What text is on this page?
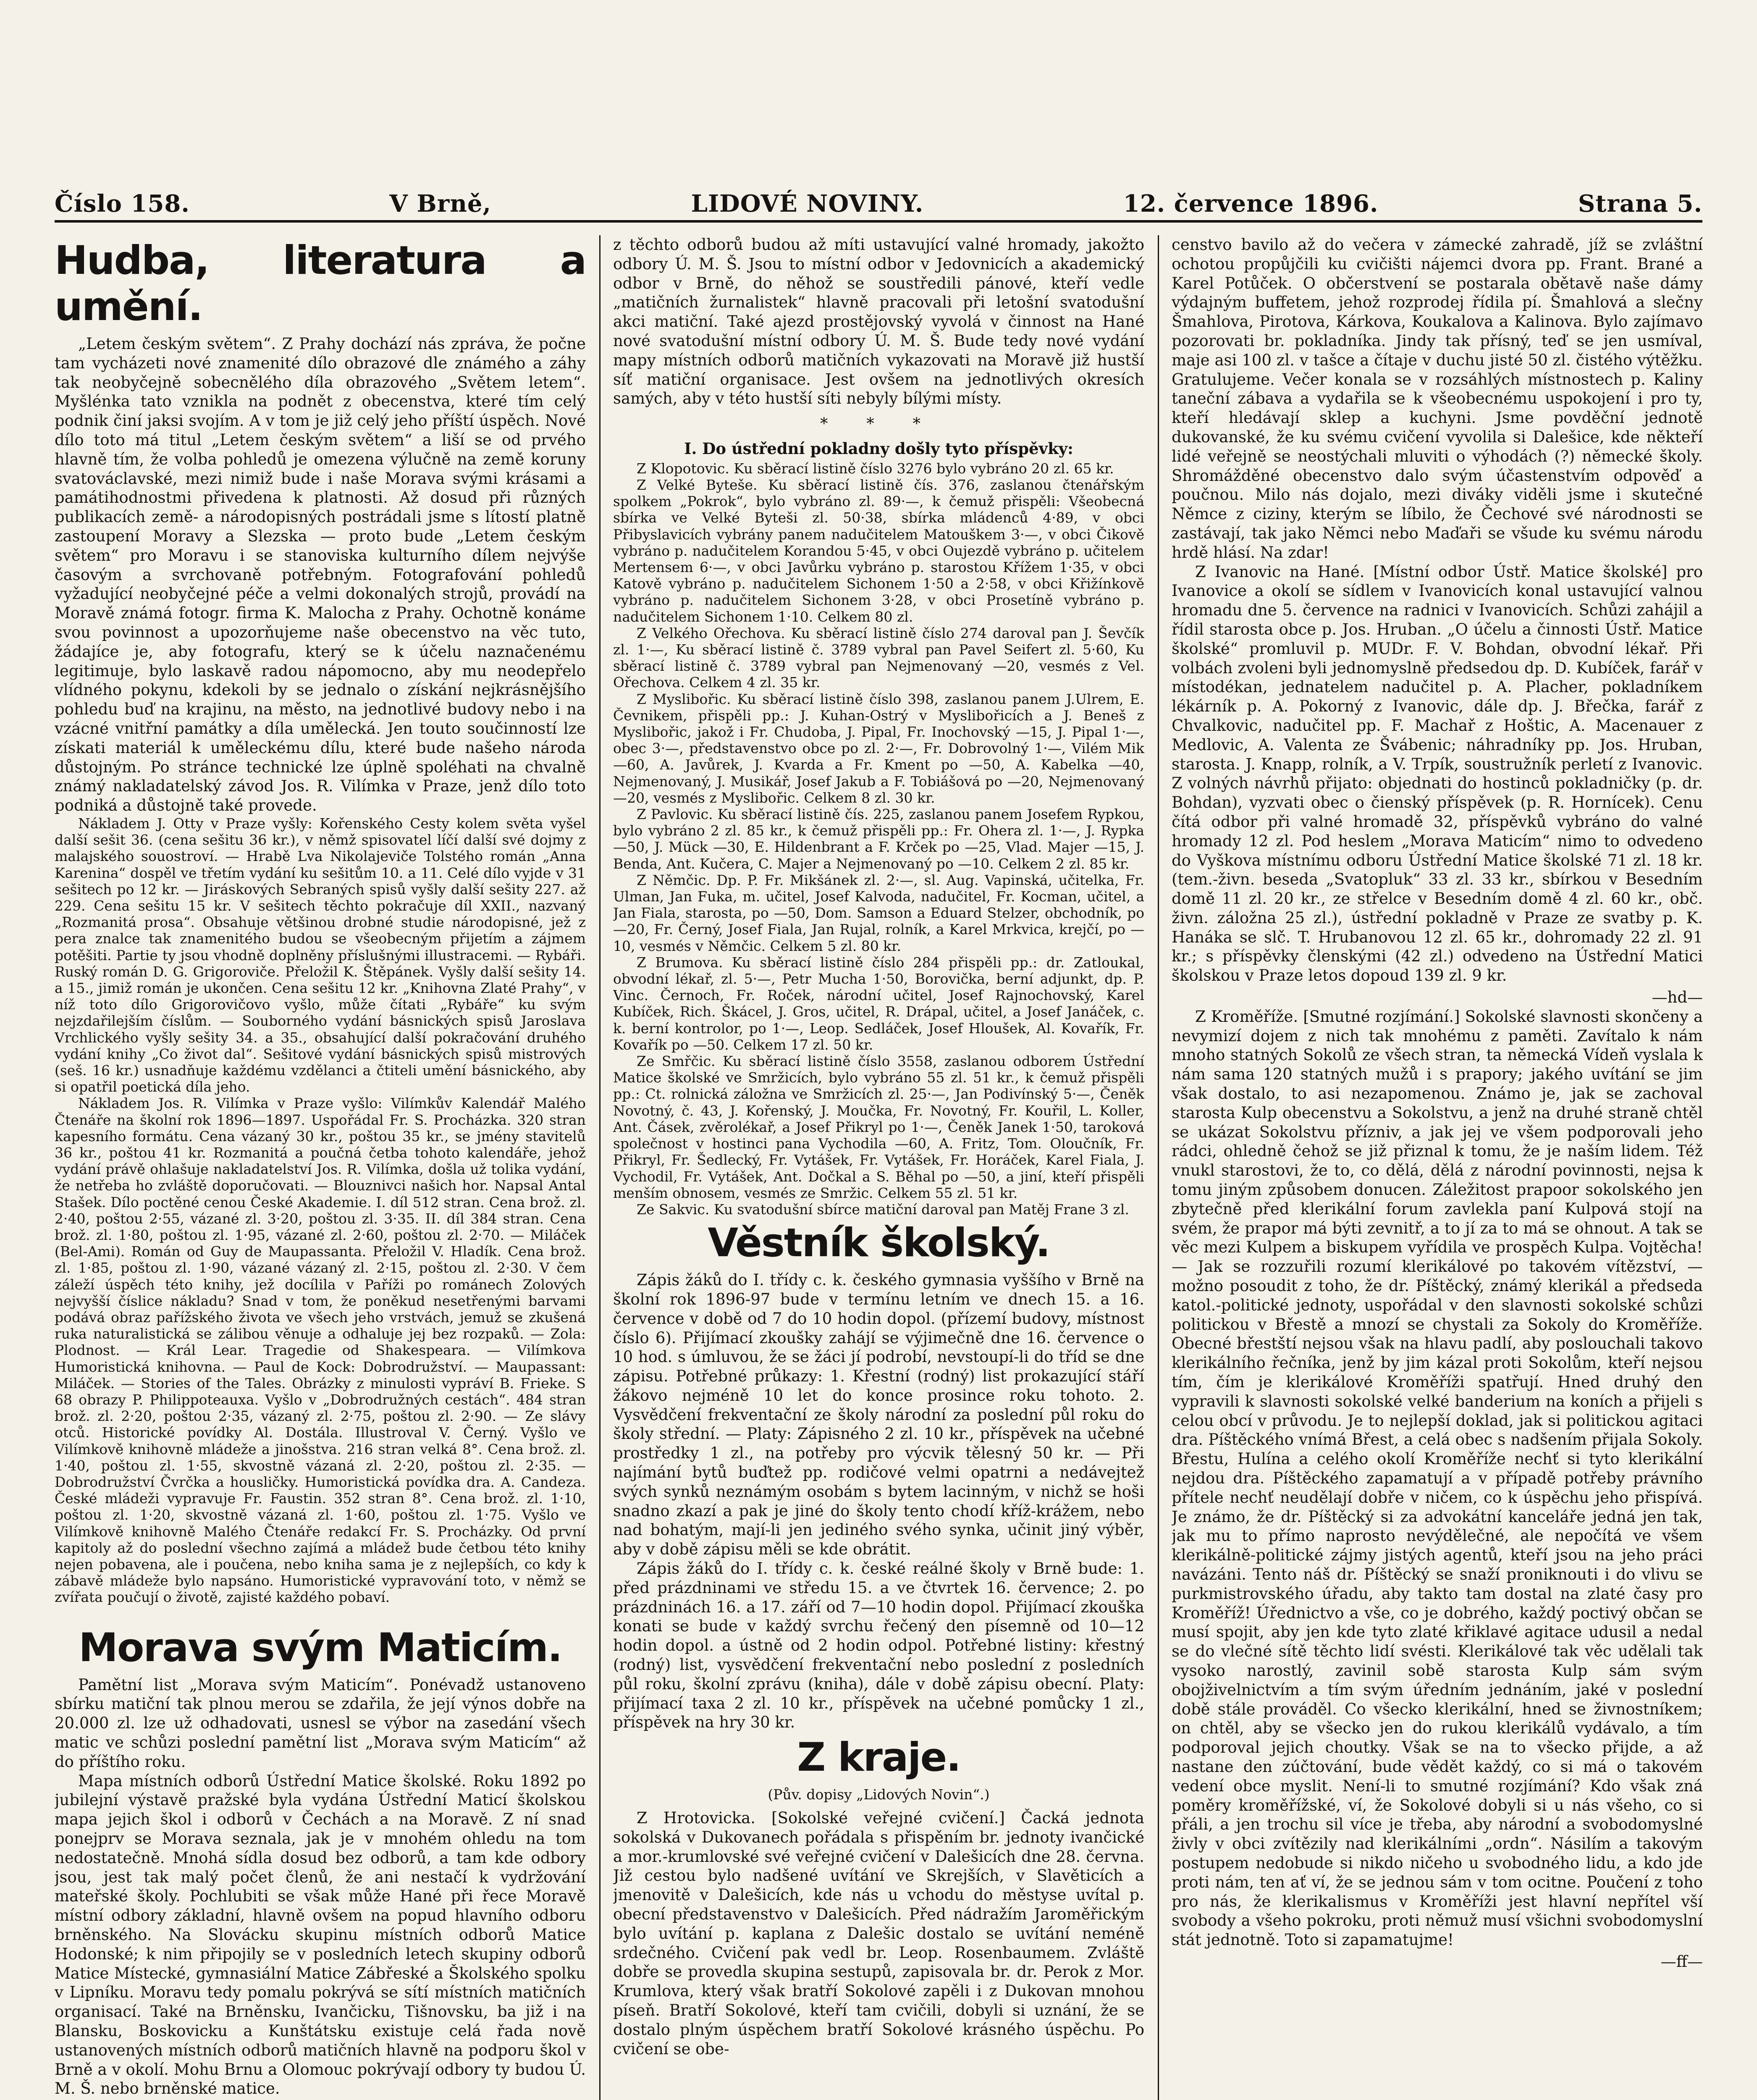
Číslo 158.	V Brně,	LIDOVÉ NOVINY.	12. července 1896.	Strana 5.
Hudba, literatura a umění.

„Letem českým světem“. Z Prahy dochází nás zpráva, že počne tam vycházeti nové znamenité dílo obrazové dle známého a záhy tak neobyčejně sobecnělého díla obrazového „Světem letem“. Myšlénka tato vznikla na podnět z obecenstva, které tím celý podnik činí jaksi svojím. A v tom je již celý jeho příští úspěch. Nové dílo toto má titul „Letem českým světem“ a liší se od prvého hlavně tím, že volba pohledů je omezena výlučně na země koruny svatováclavské, mezi nimiž bude i naše Morava svými krásami a památihodnostmi přivedena k platnosti. Až dosud při různých publikacích země- a národopisných postrádali jsme s lítostí platně zastoupení Moravy a Slezska — proto bude „Letem českým světem“ pro Moravu i se stanoviska kulturního dílem nejvýše časovým a svrchovaně potřebným. Fotografování pohledů vyžadující neobyčejné péče a velmi dokonalých strojů, provádí na Moravě známá fotogr. firma K. Malocha z Prahy. Ochotně konáme svou povinnost a upozorňujeme naše obecenstvo na věc tuto, žádajíce je, aby fotografu, který se k účelu naznačenému legitimuje, bylo laskavě radou nápomocno, aby mu neodepřelo vlídného pokynu, kdekoli by se jednalo o získání nejkrásnějšího pohledu buď na krajinu, na město, na jednotlivé budovy nebo i na vzácné vnitřní památky a díla umělecká. Jen touto součinností lze získati materiál k uměleckému dílu, které bude našeho národa důstojným. Po stránce technické lze úplně spoléhati na chvalně známý nakladatelský závod Jos. R. Vilímka v Praze, jenž dílo toto podniká a důstojně také provede.

Nákladem J. Otty v Praze vyšly: Kořenského Cesty kolem světa vyšel další sešit 36. (cena sešitu 36 kr.), v němž spisovatel líčí další své dojmy z malajského souostroví. — Hrabě Lva Nikolajeviče Tolstého román „Anna Karenina“ dospěl ve třetím vydání ku sešitům 10. a 11. Celé dílo vyjde v 31 sešitech po 12 kr. — Jiráskových Sebraných spisů vyšly další sešity 227. až 229. Cena sešitu 15 kr. V sešitech těchto pokračuje díl XXII., nazvaný „Rozmanitá prosa“. Obsahuje většinou drobné studie národopisné, jež z pera znalce tak znamenitého budou se všeobecným přijetím a zájmem potěšiti. Partie ty jsou vhodně doplněny příslušnými illustracemi. — Rybáři. Ruský román D. G. Grigoroviče. Přeložil K. Štěpánek. Vyšly další sešity 14. a 15., jimiž román je ukončen. Cena sešitu 12 kr. „Knihovna Zlaté Prahy“, v níž toto dílo Grigorovičovo vyšlo, může čítati „Rybáře“ ku svým nejzdařilejším číslům. — Souborného vydání básnických spisů Jaroslava Vrchlického vyšly sešity 34. a 35., obsahující další pokračování druhého vydání knihy „Co život dal“. Sešitové vydání básnických spisů mistrových (seš. 16 kr.) usnadňuje každému vzdělanci a čtiteli umění básnického, aby si opatřil poetická díla jeho.

Nákladem Jos. R. Vilímka v Praze vyšlo: Vilímkův Kalendář Malého Čtenáře na školní rok 1896—1897. Uspořádal Fr. S. Procházka. 320 stran kapesního formátu. Cena vázaný 30 kr., poštou 35 kr., se jmény stavitelů 36 kr., poštou 41 kr. Rozmanitá a poučná četba tohoto kalendáře, jehož vydání právě ohlašuje nakladatelství Jos. R. Vilímka, došla už tolika vydání, že netřeba ho zvláště doporučovati. — Blouznivci našich hor. Napsal Antal Stašek. Dílo poctěné cenou České Akademie. I. díl 512 stran. Cena brož. zl. 2·40, poštou 2·55, vázané zl. 3·20, poštou zl. 3·35. II. díl 384 stran. Cena brož. zl. 1·80, poštou zl. 1·95, vázané zl. 2·60, poštou zl. 2·70. — Miláček (Bel-Ami). Román od Guy de Maupassanta. Přeložil V. Hladík. Cena brož. zl. 1·85, poštou zl. 1·90, vázané vázaný zl. 2·15, poštou zl. 2·30. V čem záleží úspěch této knihy, jež docílila v Paříži po románech Zolových nejvyšší číslice nákladu? Snad v tom, že poněkud nesetřenými barvami podává obraz pařížského života ve všech jeho vrstvách, jemuž se zkušená ruka naturalistická se zálibou věnuje a odhaluje jej bez rozpaků. — Zola: Plodnost. — Král Lear. Tragedie od Shakespeara. — Vilímkova Humoristická knihovna. — Paul de Kock: Dobrodružství. — Maupassant: Miláček. — Stories of the Tales. Obrázky z minulosti vypráví B. Frieke. S 68 obrazy P. Philippoteauxa. Vyšlo v „Dobrodružných cestách“. 484 stran brož. zl. 2·20, poštou 2·35, vázaný zl. 2·75, poštou zl. 2·90. — Ze slávy otců. Historické povídky Al. Dostála. Illustroval V. Černý. Vyšlo ve Vilímkově knihovně mládeže a jinošstva. 216 stran velká 8°. Cena brož. zl. 1·40, poštou zl. 1·55, skvostně vázaná zl. 2·20, poštou zl. 2·35. — Dobrodružství Čvrčka a housličky. Humoristická povídka dra. A. Candeza. České mládeži vypravuje Fr. Faustin. 352 stran 8°. Cena brož. zl. 1·10, poštou zl. 1·20, skvostně vázaná zl. 1·60, poštou zl. 1·75. Vyšlo ve Vilímkově knihovně Malého Čtenáře redakcí Fr. S. Procházky. Od první kapitoly až do poslední všechno zajímá a mládež bude četbou této knihy nejen pobavena, ale i poučena, nebo kniha sama je z nejlepších, co kdy k zábavě mládeže bylo napsáno. Humoristické vypravování toto, v němž se zvířata poučují o životě, zajisté každého pobaví.

Morava svým Maticím.

Pamětní list „Morava svým Maticím“. Ponévadž ustanoveno sbírku matiční tak plnou merou se zdařila, že její výnos dobře na 20.000 zl. lze už odhadovati, usnesl se výbor na zasedání všech matic ve schůzi poslední pamětní list „Morava svým Maticím“ až do příštího roku.

Mapa místních odborů Ústřední Matice školské. Roku 1892 po jubilejní výstavě pražské byla vydána Ústřední Maticí školskou mapa jejich škol i odborů v Čechách a na Moravě. Z ní snad ponejprv se Morava seznala, jak je v mnohém ohledu na tom nedostatečně. Mnohá sídla dosud bez odborů, a tam kde odbory jsou, jest tak malý počet členů, že ani nestačí k vydržování mateřské školy. Pochlubiti se však může Hané při řece Moravě místní odbory základní, hlavně ovšem na popud hlavního odboru brněnského. Na Slovácku skupinu místních odborů Matice Hodonské; k nim připojily se v posledních letech skupiny odborů Matice Místecké, gymnasiální Matice Zábřeské a Školského spolku v Lipníku. Moravu tedy pomalu pokrývá se sítí místních matičních organisací. Také na Brněnsku, Ivančicku, Tišnovsku, ba již i na Blansku, Boskovicku a Kunštátsku existuje celá řada nově ustanovených místních odborů matičních hlavně na podporu škol v Brně a v okolí. Mohu Brnu a Olomouc pokrývají odbory ty budou Ú. M. Š. nebo brněnské matice.

z těchto odborů budou až míti ustavující valné hromady, jakožto odbory Ú. M. Š. Jsou to místní odbor v Jedovnicích a akademický odbor v Brně, do něhož se soustředili pánové, kteří vedle „matičních žurnalistek“ hlavně pracovali při letošní svatodušní akci matiční. Také ajezd prostějovský vyvolá v činnost na Hané nové svatodušní místní odbory Ú. M. Š. Bude tedy nové vydání mapy místních odborů matičních vykazovati na Moravě již hustší síť matiční organisace. Jest ovšem na jednotlivých okresích samých, aby v této hustší síti nebyly bílými místy.

* * *
I. Do ústřední pokladny došly tyto příspěvky:

Z Klopotovic. Ku sběrací listině číslo 3276 bylo vybráno 20 zl. 65 kr.

Z Velké Byteše. Ku sběrací listině čís. 376, zaslanou čtenářským spolkem „Pokrok“, bylo vybráno zl. 89·—, k čemuž přispěli: Všeobecná sbírka ve Velké Byteši zl. 50·38, sbírka mládenců 4·89, v obci Přibyslavicích vybrány panem nadučitelem Matouškem 3·—, v obci Čikově vybráno p. nadučitelem Korandou 5·45, v obci Oujezdě vybráno p. učitelem Mertensem 6·—, v obci Javůrku vybráno p. starostou Křížem 1·35, v obci Katově vybráno p. nadučitelem Sichonem 1·50 a 2·58, v obci Křižínkově vybráno p. nadučitelem Sichonem 3·28, v obci Prosetíně vybráno p. nadučitelem Sichonem 1·10. Celkem 80 zl.

Z Velkého Ořechova. Ku sběrací listině číslo 274 daroval pan J. Ševčík zl. 1·—, Ku sběrací listině č. 3789 vybral pan Pavel Seifert zl. 5·60, Ku sběrací listině č. 3789 vybral pan Nejmenovaný —20, vesmés z Vel. Ořechova. Celkem 4 zl. 35 kr.

Z Myslibořic. Ku sběrací listině číslo 398, zaslanou panem J.Ulrem, E. Čevnikem, přispěli pp.: J. Kuhan-Ostrý v Myslibořicích a J. Beneš z Myslibořic, jakož i Fr. Chudoba, J. Pipal, Fr. Inochovský —15, J. Pipal 1·—, obec 3·—, představenstvo obce po zl. 2·—, Fr. Dobrovolný 1·—, Vilém Mik —60, A. Javůrek, J. Kvarda a Fr. Kment po —50, A. Kabelka —40, Nejmenovaný, J. Musikář, Josef Jakub a F. Tobiášová po —20, Nejmenovaný —20, vesmés z Myslibořic. Celkem 8 zl. 30 kr.

Z Pavlovic. Ku sběrací listině čís. 225, zaslanou panem Josefem Rypkou, bylo vybráno 2 zl. 85 kr., k čemuž přispěli pp.: Fr. Ohera zl. 1·—, J. Rypka —50, J. Mück —30, E. Hildenbrant a F. Krček po —25, Vlad. Majer —15, J. Benda, Ant. Kučera, C. Majer a Nejmenovaný po —10. Celkem 2 zl. 85 kr.

Z Němčic. Dp. P. Fr. Mikšánek zl. 2·—, sl. Aug. Vapinská, učitelka, Fr. Ulman, Jan Fuka, m. učitel, Josef Kalvoda, nadučitel, Fr. Kocman, učitel, a Jan Fiala, starosta, po —50, Dom. Samson a Eduard Stelzer, obchodník, po —20, Fr. Černý, Josef Fiala, Jan Rujal, rolník, a Karel Mrkvica, krejčí, po —10, vesmés v Němčic. Celkem 5 zl. 80 kr.

Z Brumova. Ku sběrací listině číslo 284 přispěli pp.: dr. Zatloukal, obvodní lékař, zl. 5·—, Petr Mucha 1·50, Borovička, berní adjunkt, dp. P. Vinc. Černoch, Fr. Roček, národní učitel, Josef Rajnochovský, Karel Kubíček, Rich. Škácel, J. Gros, učitel, R. Drápal, učitel, a Josef Janáček, c. k. berní kontrolor, po 1·—, Leop. Sedláček, Josef Hloušek, Al. Kovařík, Fr. Kovařík po —50. Celkem 17 zl. 50 kr.

Ze Smřčic. Ku sběrací listině číslo 3558, zaslanou odborem Ústřední Matice školské ve Smržicích, bylo vybráno 55 zl. 51 kr., k čemuž přispěli pp.: Ct. rolnická záložna ve Smržicích zl. 25·—, Jan Podivínský 5·—, Čeněk Novotný, č. 43, J. Kořenský, J. Moučka, Fr. Novotný, Fr. Kouřil, L. Koller, Ant. Čásek, zvěrolékař, a Josef Přikryl po 1·—, Čeněk Janek 1·50, taroková společnost v hostinci pana Vychodila —60, A. Fritz, Tom. Oloučník, Fr. Přikryl, Fr. Šedlecký, Fr. Vytášek, Fr. Vytášek, Fr. Horáček, Karel Fiala, J. Vychodil, Fr. Vytášek, Ant. Dočkal a S. Běhal po —50, a jiní, kteří přispěli menším obnosem, vesmés ze Smržic. Celkem 55 zl. 51 kr.

Ze Sakvic. Ku svatodušní sbírce matiční daroval pan Matěj Frane 3 zl.

Věstník školský.

Zápis žáků do I. třídy c. k. českého gymnasia vyššího v Brně na školní rok 1896-97 bude v termínu letním ve dnech 15. a 16. července v době od 7 do 10 hodin dopol. (přízemí budovy, místnost číslo 6). Přijímací zkoušky zahájí se výjimečně dne 16. července o 10 hod. s úmluvou, že se žáci jí podrobí, nevstoupí-li do tříd se dne zápisu. Potřebné průkazy: 1. Křestní (rodný) list prokazující stáří žákovo nejméně 10 let do konce prosince roku tohoto. 2. Vysvědčení frekventační ze školy národní za poslední půl roku do školy střední. — Platy: Zápisného 2 zl. 10 kr., příspěvek na učebné prostředky 1 zl., na potřeby pro výcvik tělesný 50 kr. — Při najímání bytů buďtež pp. rodičové velmi opatrni a nedávejtež svých synků neznámým osobám s bytem lacinným, v nichž se hoši snadno zkazí a pak je jiné do školy tento chodí kříž-krážem, nebo nad bohatým, mají-li jen jediného svého synka, učinit jiný výběr, aby v době zápisu měli se kde obrátit.

Zápis žáků do I. třídy c. k. české reálné školy v Brně bude: 1. před prázdninami ve středu 15. a ve čtvrtek 16. července; 2. po prázdninách 16. a 17. září od 7—10 hodin dopol. Přijímací zkouška konati se bude v každý svrchu řečený den písemně od 10—12 hodin dopol. a ústně od 2 hodin odpol. Potřebné listiny: křestný (rodný) list, vysvědčení frekventační nebo poslední z posledních půl roku, školní zprávu (kniha), dále v době zápisu obecní. Platy: přijímací taxa 2 zl. 10 kr., příspěvek na učebné pomůcky 1 zl., příspěvek na hry 30 kr.

Z kraje.
(Pův. dopisy „Lidových Novin“.)

Z Hrotovicka. [Sokolské veřejné cvičení.] Čacká jednota sokolská v Dukovanech pořádala s přispěním br. jednoty ivančické a mor.-krumlovské své veřejné cvičení v Dalešicích dne 28. června. Již cestou bylo nadšené uvítání ve Skrejších, v Slavěticích a jmenovitě v Dalešicích, kde nás u vchodu do městyse uvítal p. obecní představenstvo v Dalešicích. Před nádražím Jaroměřickým bylo uvítání p. kaplana z Dalešic dostalo se uvítání neméně srdečného. Cvičení pak vedl br. Leop. Rosenbaumem. Zvláště dobře se provedla skupina sestupů, zapisovala br. dr. Perok z Mor. Krumlova, který však bratří Sokolové zapěli i z Dukovan mnohou píseň. Bratří Sokolové, kteří tam cvičili, dobyli si uznání, že se dostalo plným úspěchem bratří Sokolové krásného úspěchu. Po cvičení se obe-

censtvo bavilo až do večera v zámecké zahradě, jíž se zvláštní ochotou propůjčili ku cvičišti nájemci dvora pp. Frant. Brané a Karel Potůček. O občerstvení se postarala obětavě naše dámy výdajným buffetem, jehož rozprodej řídila pí. Šmahlová a slečny Šmahlova, Pirotova, Kárkova, Koukalova a Kalinova. Bylo zajímavo pozorovati br. pokladníka. Jindy tak přísný, teď se jen usmíval, maje asi 100 zl. v tašce a čítaje v duchu jisté 50 zl. čistého výtěžku. Gratulujeme. Večer konala se v rozsáhlých místnostech p. Kaliny taneční zábava a vydařila se k všeobecnému uspokojení i pro ty, kteří hledávají sklep a kuchyni. Jsme povděční jednotě dukovanské, že ku svému cvičení vyvolila si Dalešice, kde někteří lidé veřejně se neostýchali mluviti o výhodách (?) německé školy. Shromážděné obecenstvo dalo svým účastenstvím odpověď a poučnou. Milo nás dojalo, mezi diváky viděli jsme i skutečné Němce z ciziny, kterým se líbilo, že Čechové své národnosti se zastávají, tak jako Němci nebo Maďaři se všude ku svému národu hrdě hlásí. Na zdar!

Z Ivanovic na Hané. [Místní odbor Ústř. Matice školské] pro Ivanovice a okolí se sídlem v Ivanovicích konal ustavující valnou hromadu dne 5. července na radnici v Ivanovicích. Schůzi zahájil a řídil starosta obce p. Jos. Hruban. „O účelu a činnosti Ústř. Matice školské“ promluvil p. MUDr. F. V. Bohdan, obvodní lékař. Při volbách zvoleni byli jednomyslně předsedou dp. D. Kubíček, farář v místodékan, jednatelem nadučitel p. A. Placher, pokladníkem lékárník p. A. Pokorný z Ivanovic, dále dp. J. Břečka, farář z Chvalkovic, nadučitel pp. F. Machař z Hoštic, A. Macenauer z Medlovic, A. Valenta ze Švábenic; náhradníky pp. Jos. Hruban, starosta. J. Knapp, rolník, a V. Trpík, soustružník perletí z Ivanovic. Z volných návrhů přijato: objednati do hostinců pokladničky (p. dr. Bohdan), vyzvati obec o čienský příspěvek (p. R. Hornícek). Cenu čítá odbor při valné hromadě 32, příspěvků vybráno do valné hromady 12 zl. Pod heslem „Morava Maticím“ nimo to odvedeno do Vyškova místnímu odboru Ústřední Matice školské 71 zl. 18 kr. (tem.-živn. beseda „Svatopluk“ 33 zl. 33 kr., sbírkou v Besedním domě 11 zl. 20 kr., ze střelce v Besedním domě 4 zl. 60 kr., obč. živn. záložna 25 zl.), ústřední pokladně v Praze ze svatby p. K. Hanáka se slč. T. Hrubanovou 12 zl. 65 kr., dohromady 22 zl. 91 kr.; s příspěvky členskými (42 zl.) odvedeno na Ústřední Matici školskou v Praze letos dopoud 139 zl. 9 kr.

—hd—

Z Kroměříže. [Smutné rozjímání.] Sokolské slavnosti skončeny a nevymizí dojem z nich tak mnohému z paměti. Zavítalo k nám mnoho statných Sokolů ze všech stran, ta německá Vídeň vyslala k nám sama 120 statných mužů i s prapory; jakého uvítání se jim však dostalo, to asi nezapomenou. Známo je, jak se zachoval starosta Kulp obecenstvu a Sokolstvu, a jenž na druhé straně chtěl se ukázat Sokolstvu přízniv, a jak jej ve všem podporovali jeho rádci, ohledně čehož se již přiznal k tomu, že je naším lidem. Též vnukl starostovi, že to, co dělá, dělá z národní povinnosti, nejsa k tomu jiným způsobem donucen. Záležitost prapoor sokolského jen zbytečně před klerikální forum zavlekla paní Kulpová stojí na svém, že prapor má býti zevnitř, a to jí za to má se ohnout. A tak se věc mezi Kulpem a biskupem vyřídila ve prospěch Kulpa. Vojtěcha! — Jak se rozzuřili rozumí klerikálové po takovém vítězství, — možno posoudit z toho, že dr. Píštěcký, známý klerikál a předseda katol.-politické jednoty, uspořádal v den slavnosti sokolské schůzi politickou v Břestě a mnozí se chystali za Sokoly do Kroměříže. Obecné břestští nejsou však na hlavu padlí, aby poslouchali takovo klerikálního řečníka, jenž by jim kázal proti Sokolům, kteří nejsou tím, čím je klerikálové Kroměříži spatřují. Hned druhý den vypravili k slavnosti sokolské velké banderium na koních a přijeli s celou obcí v průvodu. Je to nejlepší doklad, jak si politickou agitaci dra. Píštěckého vnímá Břest, a celá obec s nadšením přijala Sokoly. Břestu, Hulína a celého okolí Kroměříže nechť si tyto klerikální nejdou dra. Píštěckého zapamatují a v případě potřeby právního přítele nechť neudělají dobře v ničem, co k úspěchu jeho přispívá. Je známo, že dr. Píštěcký si za advokátní kanceláře jedná jen tak, jak mu to přímo naprosto nevýdělečné, ale nepočítá ve všem klerikálně-politické zájmy jistých agentů, kteří jsou na jeho práci navázáni. Tento náš dr. Píštěcký se snaží proniknouti i do vlivu se purkmistrovského úřadu, aby takto tam dostal na zlaté časy pro Kroměříž! Úřednictvo a vše, co je dobrého, každý poctivý občan se musí spojit, aby jen kde tyto zlaté křiklavé agitace udusil a nedal se do vlečné sítě těchto lidí svésti. Klerikálové tak věc udělali tak vysoko narostlý, zavinil sobě starosta Kulp sám svým obojživelnictvím a tím svým úředním jednáním, jaké v poslední době stále prováděl. Co všecko klerikální, hned se živnostníkem; on chtěl, aby se všecko jen do rukou klerikálů vydávalo, a tím podporoval jejich choutky. Však se na to všecko přijde, a až nastane den zúčtování, bude vědět každý, co si má o takovém vedení obce myslit. Není-li to smutné rozjímání? Kdo však zná poměry kroměřížské, ví, že Sokolové dobyli si u nás všeho, co si přáli, a jen trochu sil více je třeba, aby národní a svobodomyslné živly v obci zvítězily nad klerikálními „ordn“. Násilím a takovým postupem nedobude si nikdo ničeho u svobodného lidu, a kdo jde proti nám, ten ať ví, že se jednou sám v tom ocitne. Poučení z toho pro nás, že klerikalismus v Kroměříži jest hlavní nepřítel vší svobody a všeho pokroku, proti němuž musí všichni svobodomyslní stát jednotně. Toto si zapamatujme!

—ff—
